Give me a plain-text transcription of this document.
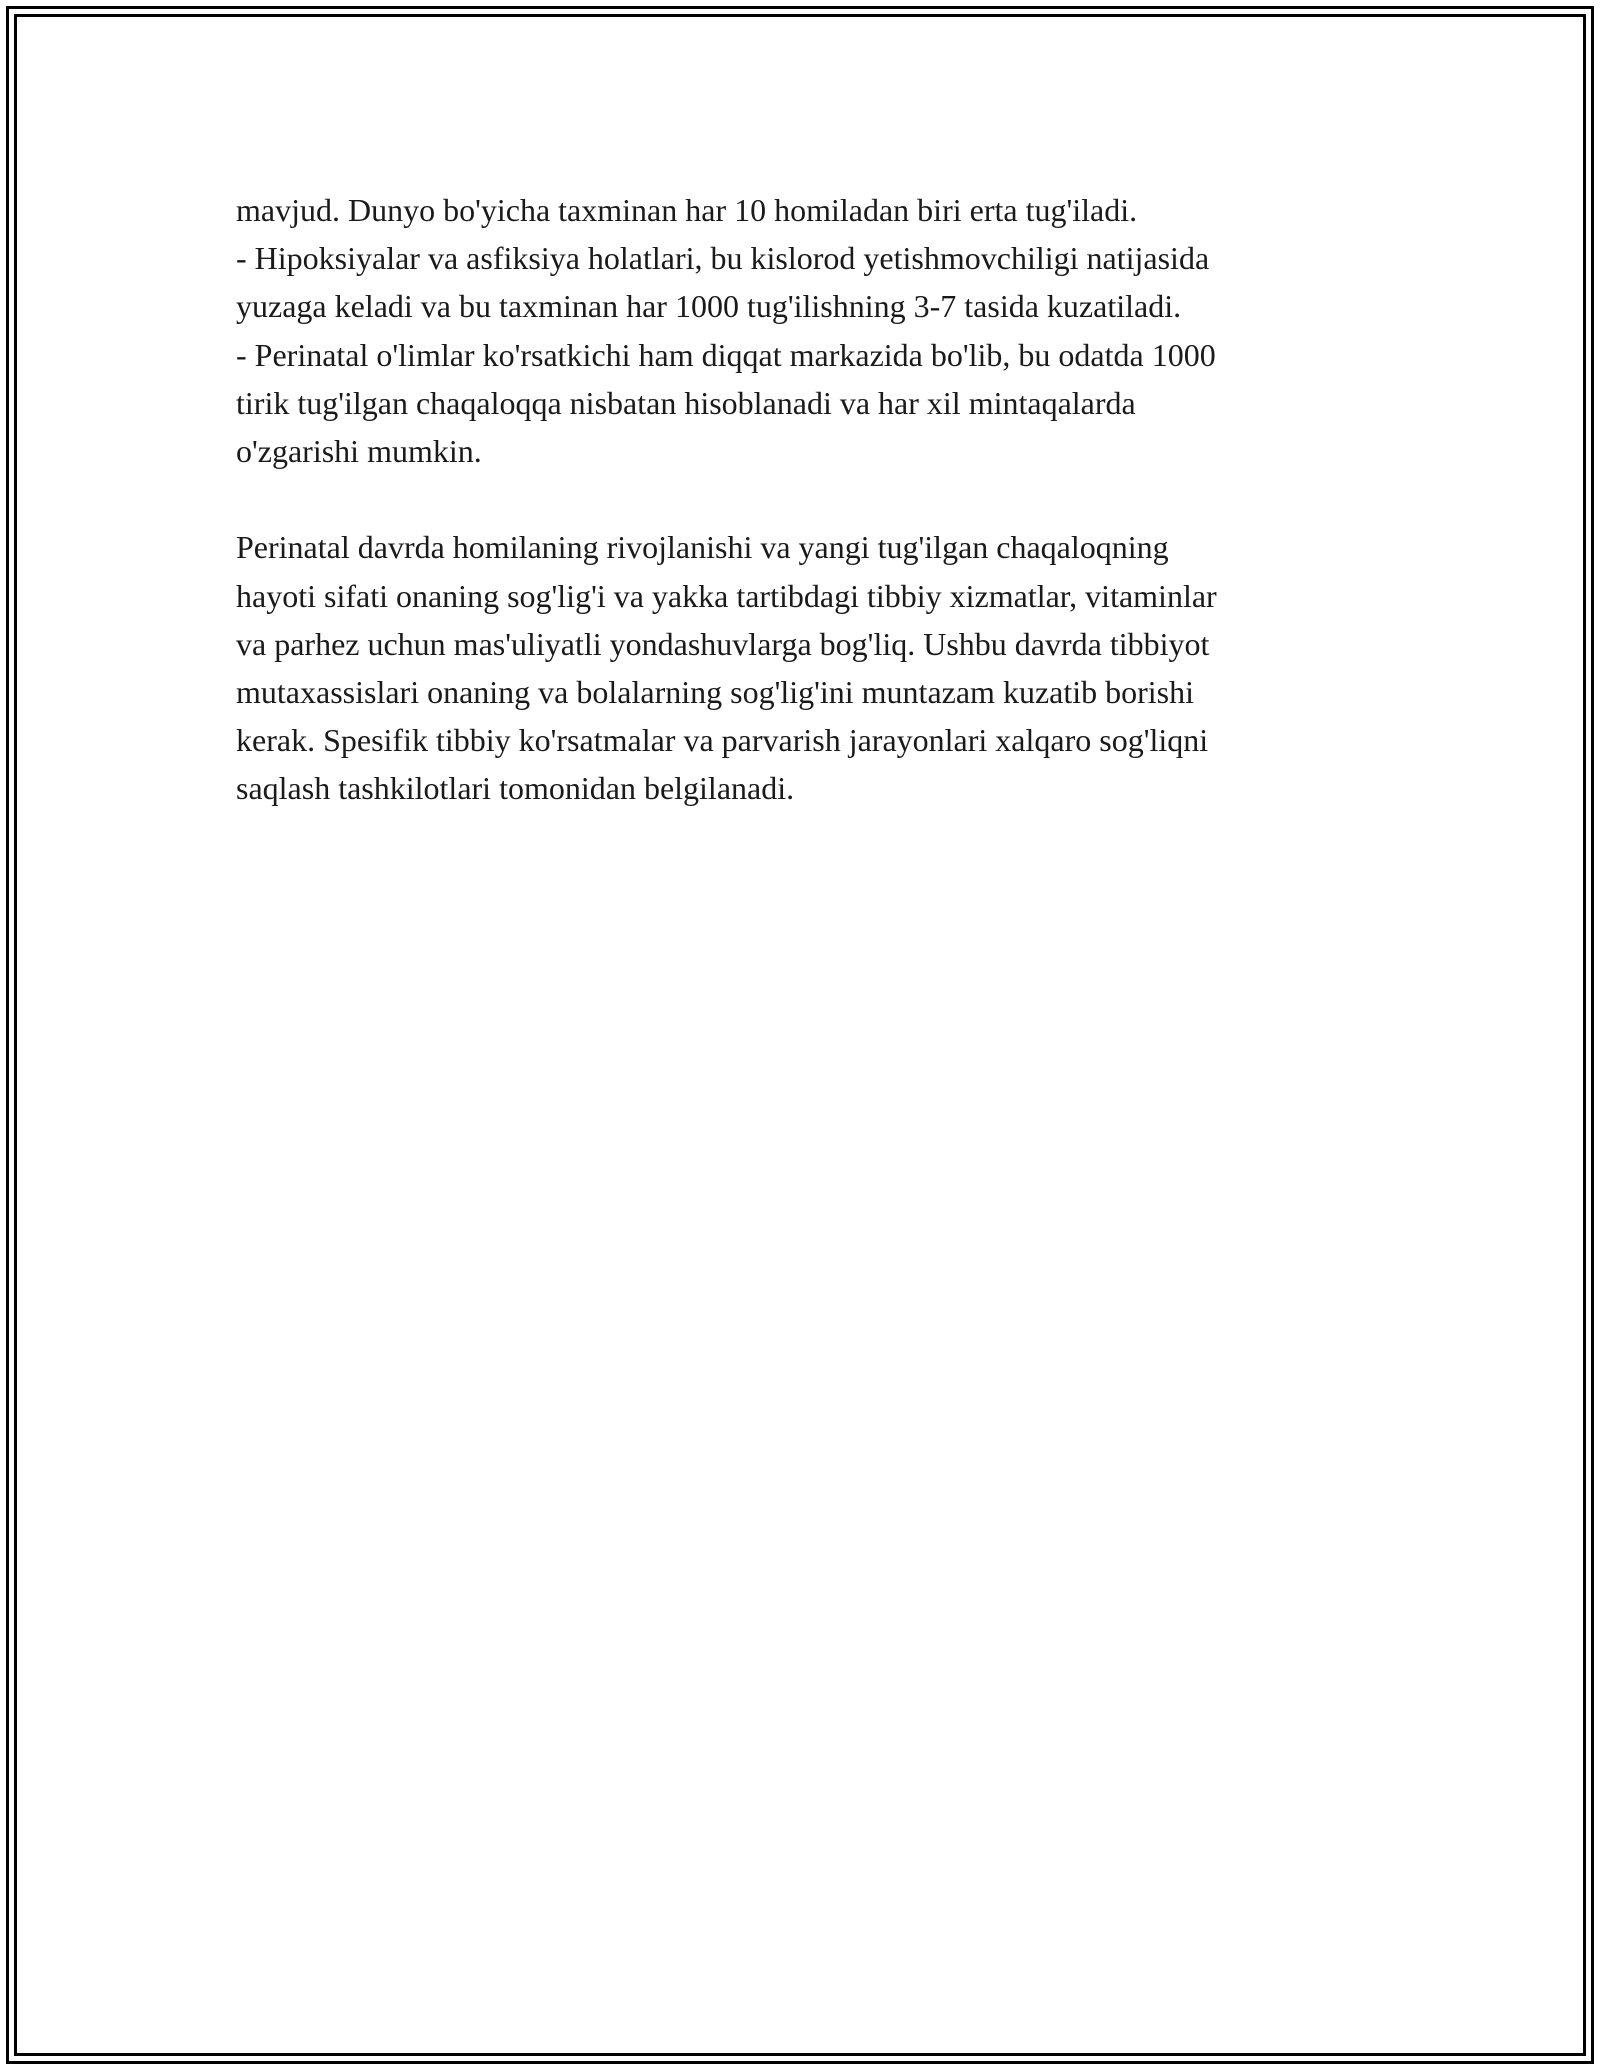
mavjud. Dunyo bo'yicha taxminan har 10 homiladan biri erta tug'iladi.
- Hipoksiyalar va asfiksiya holatlari, bu kislorod yetishmovchiligi natijasida
yuzaga keladi va bu taxminan har 1000 tug'ilishning 3-7 tasida kuzatiladi.
- Perinatal o'limlar ko'rsatkichi ham diqqat markazida bo'lib, bu odatda 1000
tirik tug'ilgan chaqaloqqa nisbatan hisoblanadi va har xil mintaqalarda
o'zgarishi mumkin.
Perinatal davrda homilaning rivojlanishi va yangi tug'ilgan chaqaloqning
hayoti sifati onaning sog'lig'i va yakka tartibdagi tibbiy xizmatlar, vitaminlar
va parhez uchun mas'uliyatli yondashuvlarga bog'liq. Ushbu davrda tibbiyot
mutaxassislari onaning va bolalarning sog'lig'ini muntazam kuzatib borishi
kerak. Spesifik tibbiy ko'rsatmalar va parvarish jarayonlari xalqaro sog'liqni
saqlash tashkilotlari tomonidan belgilanadi.
